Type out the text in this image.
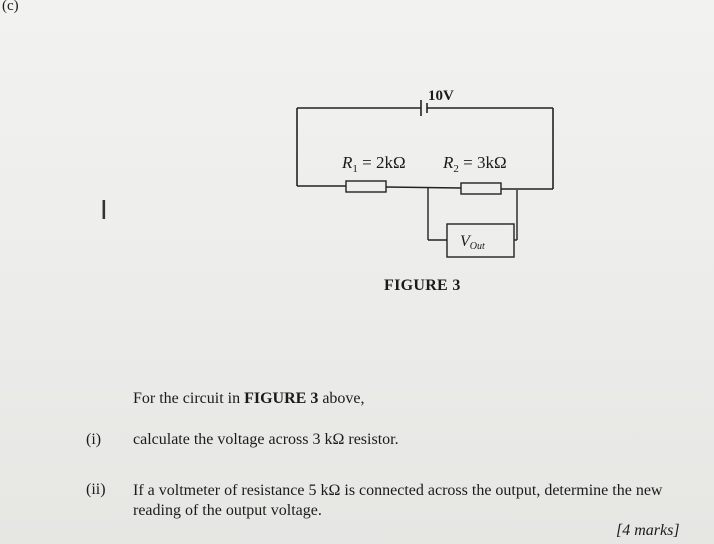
(c)
I
10V
$R_1 = 2k\Omega$ $R_2 = 3k\Omega$
VOut
FIGURE 3
For the circuit in FIGURE 3 above,
(i) calculate the voltage across 3 kΩ resistor.
(ii) If a voltmeter of resistance 5 kΩ is connected across the output, determine the new reading of the output voltage.
[4 marks]
